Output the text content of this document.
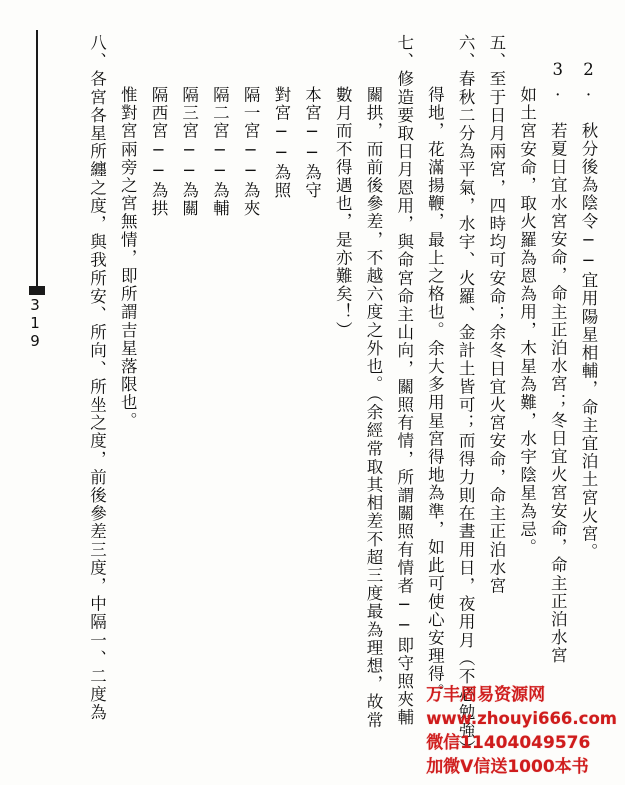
319	八、各宮各星所纏之度，與我所安、所向、所坐之度，前後參差三度，中隔一、二度為 惟對宮兩旁之宮無情，即所謂吉星落限也。 隔西宮──為拱 隔三宮──為關 隔二宮──為輔 隔一宮──為夾 對宮──為照 本宮──為守 數月而不得遇也，是亦難矣！） 關拱，而前後參差，不越六度之外也。（余經常取其相差不超三度最為理想，故常 七、修造要取日月恩用，與命宮命主山向，關照有情，所謂關照有情者──即守照夾輔 得地，花滿揚鞭，最上之格也。余大多用星宮得地為準，如此可使心安理得。 六、春秋二分為平氣，水宇、火羅、金計土皆可；而得力則在晝用日，夜用月（不必勉強） 五、至于日月兩宮，四時均可安命；余冬日宜火宮安命，命主正泊水宮 如土宮安命，取火羅為恩為用，木星為難，水宇陰星為忌。 3. 若夏日宜水宮安命，命主正泊水宮；冬日宜火宮安命，命主正泊水宮 2. 秋分後為陰令──宜用陽星相輔，命主宜泊土宮火宮。
万丰周易资源网
www.zhouyi666.com
微信11404049576
加微V信送1000本书
